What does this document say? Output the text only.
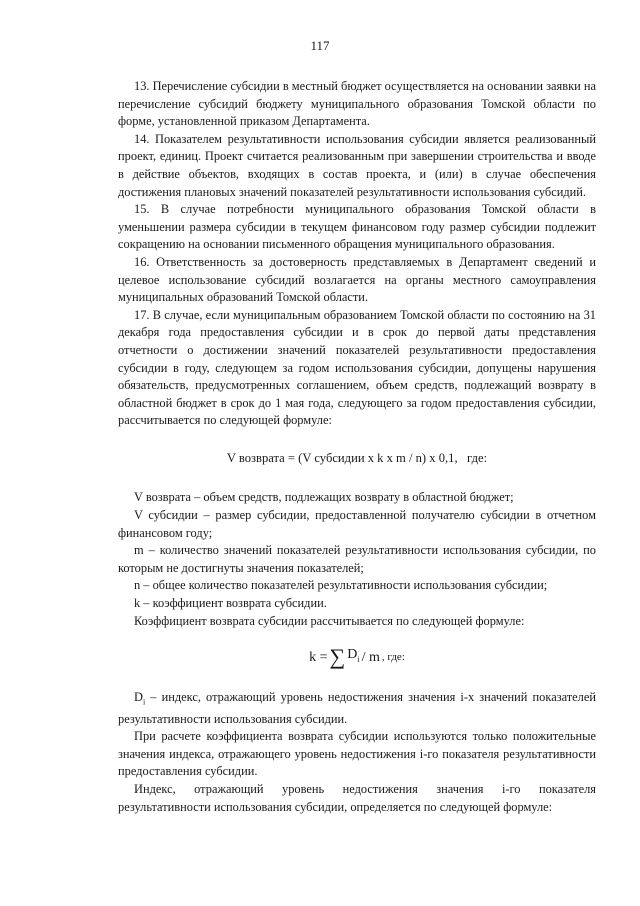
117

13. Перечисление субсидии в местный бюджет осуществляется на основании заявки на перечисление субсидий бюджету муниципального образования Томской области по форме, установленной приказом Департамента.

14. Показателем результативности использования субсидии является реализованный проект, единиц. Проект считается реализованным при завершении строительства и вводе в действие объектов, входящих в состав проекта, и (или) в случае обеспечения достижения плановых значений показателей результативности использования субсидий.

15. В случае потребности муниципального образования Томской области в уменьшении размера субсидии в текущем финансовом году размер субсидии подлежит сокращению на основании письменного обращения муниципального образования.

16. Ответственность за достоверность представляемых в Департамент сведений и целевое использование субсидий возлагается на органы местного самоуправления муниципальных образований Томской области.

17. В случае, если муниципальным образованием Томской области по состоянию на 31 декабря года предоставления субсидии и в срок до первой даты представления отчетности о достижении значений показателей результативности предоставления субсидии в году, следующем за годом использования субсидии, допущены нарушения обязательств, предусмотренных соглашением, объем средств, подлежащий возврату в областной бюджет в срок до 1 мая года, следующего за годом предоставления субсидии, рассчитывается по следующей формуле:

V возврата = (V субсидии x k x m / n) x 0,1,   где:

V возврата – объем средств, подлежащих возврату в областной бюджет;

V субсидии – размер субсидии, предоставленной получателю субсидии в отчетном финансовом году;

m – количество значений показателей результативности использования субсидии, по которым не достигнуты значения показателей;

n – общее количество показателей результативности использования субсидии;

k – коэффициент возврата субсидии.

Коэффициент возврата субсидии рассчитывается по следующей формуле:

k = ∑ $D_i$ / m , где:

$D_i$ – индекс, отражающий уровень недостижения значения i-х значений показателей результативности использования субсидии.

При расчете коэффициента возврата субсидии используются только положительные значения индекса, отражающего уровень недостижения i-го показателя результативности предоставления субсидии.

Индекс, отражающий уровень недостижения значения i-го показателя результативности использования субсидии, определяется по следующей формуле:
